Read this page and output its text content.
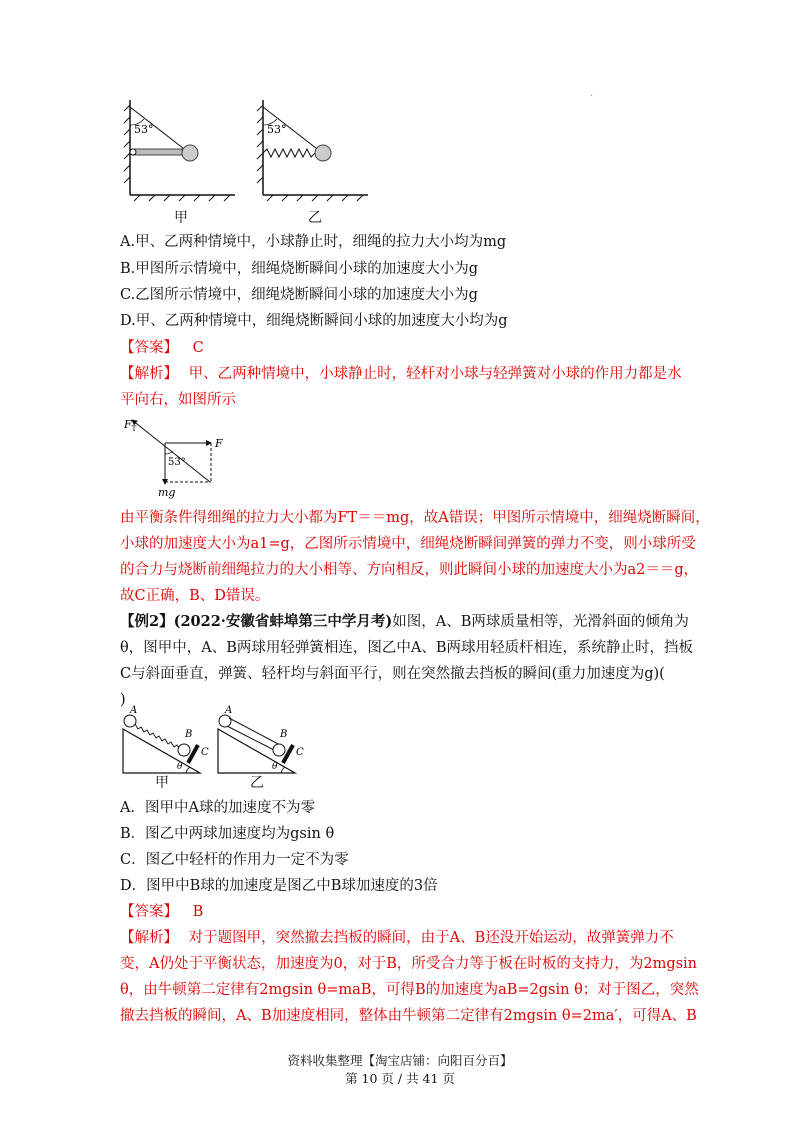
.
53°	53°
甲	乙
A.甲、乙两种情境中，小球静止时，细绳的拉力大小均为mg
B.甲图所示情境中，细绳烧断瞬间小球的加速度大小为g
C.乙图所示情境中，细绳烧断瞬间小球的加速度大小为g
D.甲、乙两种情境中，细绳烧断瞬间小球的加速度大小均为g
【答案】 C
【解析】 甲、乙两种情境中，小球静止时，轻杆对小球与轻弹簧对小球的作用力都是水
平向右，如图所示
$F_T$
F
53°
mg
由平衡条件得细绳的拉力大小都为FT＝＝mg，故A错误；甲图所示情境中，细绳烧断瞬间，
小球的加速度大小为a1=g，乙图所示情境中，细绳烧断瞬间弹簧的弹力不变，则小球所受
的合力与烧断前细绳拉力的大小相等、方向相反，则此瞬间小球的加速度大小为a2＝＝g，
故C正确，B、D错误。
【例2】(2022·安徽省蚌埠第三中学月考)如图，A、B两球质量相等，光滑斜面的倾角为
θ，图甲中，A、B两球用轻弹簧相连，图乙中A、B两球用轻质杆相连，系统静止时，挡板
C与斜面垂直，弹簧、轻杆均与斜面平行，则在突然撤去挡板的瞬间(重力加速度为g)(
)
A
B
C
θ
A
B
C
θ
甲	乙
A．图甲中A球的加速度不为零
B．图乙中两球加速度均为gsin θ
C．图乙中轻杆的作用力一定不为零
D．图甲中B球的加速度是图乙中B球加速度的3倍
【答案】 B
【解析】 对于题图甲，突然撤去挡板的瞬间，由于A、B还没开始运动，故弹簧弹力不
变，A仍处于平衡状态，加速度为0，对于B，所受合力等于板在时板的支持力，为2mgsin
θ，由牛顿第二定律有2mgsin θ=maB，可得B的加速度为aB=2gsin θ；对于图乙，突然
撤去挡板的瞬间，A、B加速度相同，整体由牛顿第二定律有2mgsin θ=2ma′，可得A、B
资料收集整理【淘宝店铺：向阳百分百】
第 10 页 / 共 41 页
